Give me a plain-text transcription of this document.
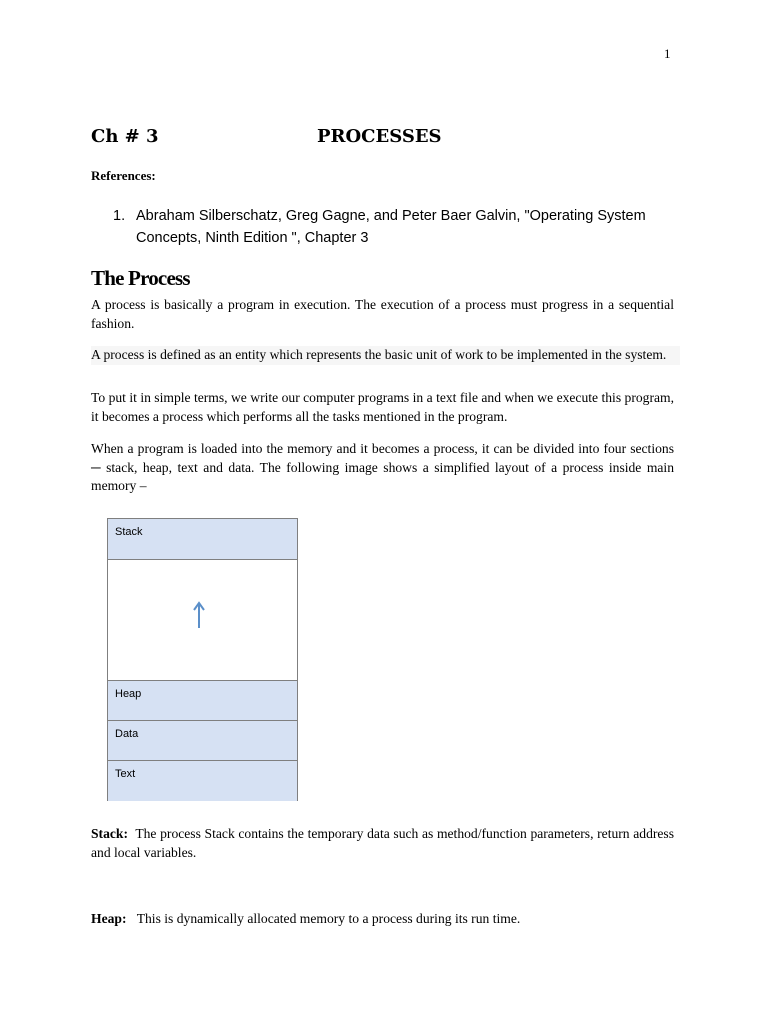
1
Ch # 3	PROCESSES
References:
1. Abraham Silberschatz, Greg Gagne, and Peter Baer Galvin, "Operating System Concepts, Ninth Edition ", Chapter 3
The Process
A process is basically a program in execution. The execution of a process must progress in a sequential fashion.
A process is defined as an entity which represents the basic unit of work to be implemented in the system.
To put it in simple terms, we write our computer programs in a text file and when we execute this program, it becomes a process which performs all the tasks mentioned in the program.
When a program is loaded into the memory and it becomes a process, it can be divided into four sections ─ stack, heap, text and data. The following image shows a simplified layout of a process inside main memory –
Stack
Heap
Data
Text
Stack: The process Stack contains the temporary data such as method/function parameters, return address and local variables.
Heap: This is dynamically allocated memory to a process during its run time.
